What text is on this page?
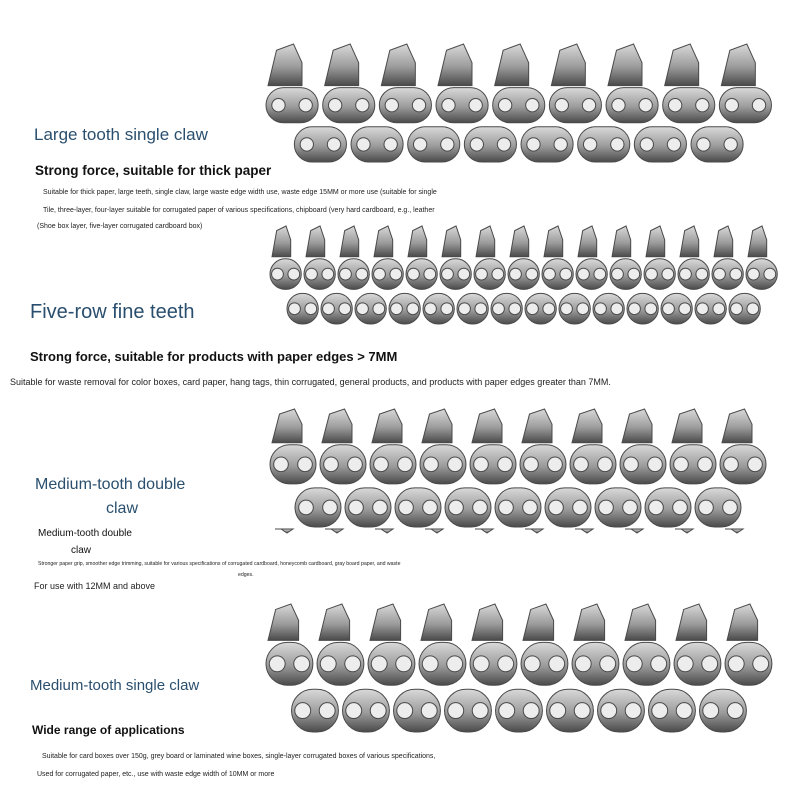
Large tooth single claw

Strong force, suitable for thick paper

Suitable for thick paper, large teeth, single claw, large waste edge width use, waste edge 15MM or more use (suitable for single

Tile, three-layer, four-layer suitable for corrugated paper of various specifications, chipboard (very hard cardboard, e.g., leather

(Shoe box layer, five-layer corrugated cardboard box)

Five-row fine teeth

Strong force, suitable for products with paper edges > 7MM

Suitable for waste removal for color boxes, card paper, hang tags, thin corrugated, general products, and products with paper edges greater than 7MM.

Medium-tooth double
claw

Medium-tooth double

claw

Stronger paper grip, smoother edge trimming, suitable for various specifications of corrugated cardboard, honeycomb cardboard, gray board paper, and waste

edges.

For use with 12MM and above

Medium-tooth single claw

Wide range of applications

Suitable for card boxes over 150g, grey board or laminated wine boxes, single-layer corrugated boxes of various specifications,

Used for corrugated paper, etc., use with waste edge width of 10MM or more
